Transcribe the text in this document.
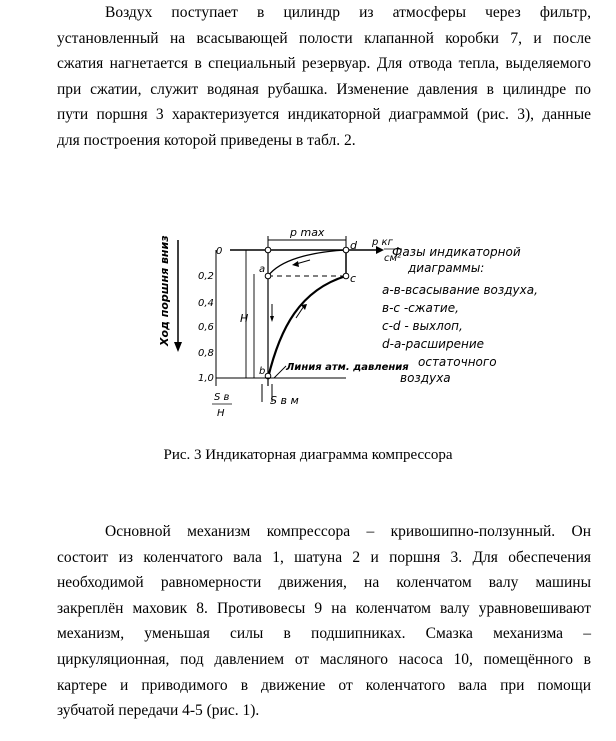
Воздух поступает в цилиндр из атмосферы через фильтр,
установленный на всасывающей полости клапанной коробки 7, и после
сжатия нагнетается в специальный резервуар. Для отвода тепла, выделяемого
при сжатии, служит водяная рубашка. Изменение давления в цилиндре по
пути поршня 3 характеризуется индикаторной диаграммой (рис. 3), данные
для построения которой приведены в табл. 2.
Ход поршня вниз	0
0,2
0,4
0,6
0,8
1,0
p кг
см²
H
p max
a
b
c
d
Линия атм. давления
S в м
S в
H
Фазы индикаторной
диаграммы:
a-в-всасывание воздуха,
в-с -сжатие,
с-d - выхлоп,
d-a-расширение
остаточного
воздуха
Рис. 3 Индикаторная диаграмма компрессора
Основной механизм компрессора – кривошипно-ползунный. Он
состоит из коленчатого вала 1, шатуна 2 и поршня 3. Для обеспечения
необходимой равномерности движения, на коленчатом валу машины
закреплён маховик 8. Противовесы 9 на коленчатом валу уравновешивают
механизм, уменьшая силы в подшипниках. Смазка механизма –
циркуляционная, под давлением от масляного насоса 10, помещённого в
картере и приводимого в движение от коленчатого вала при помощи
зубчатой передачи 4-5 (рис. 1).
